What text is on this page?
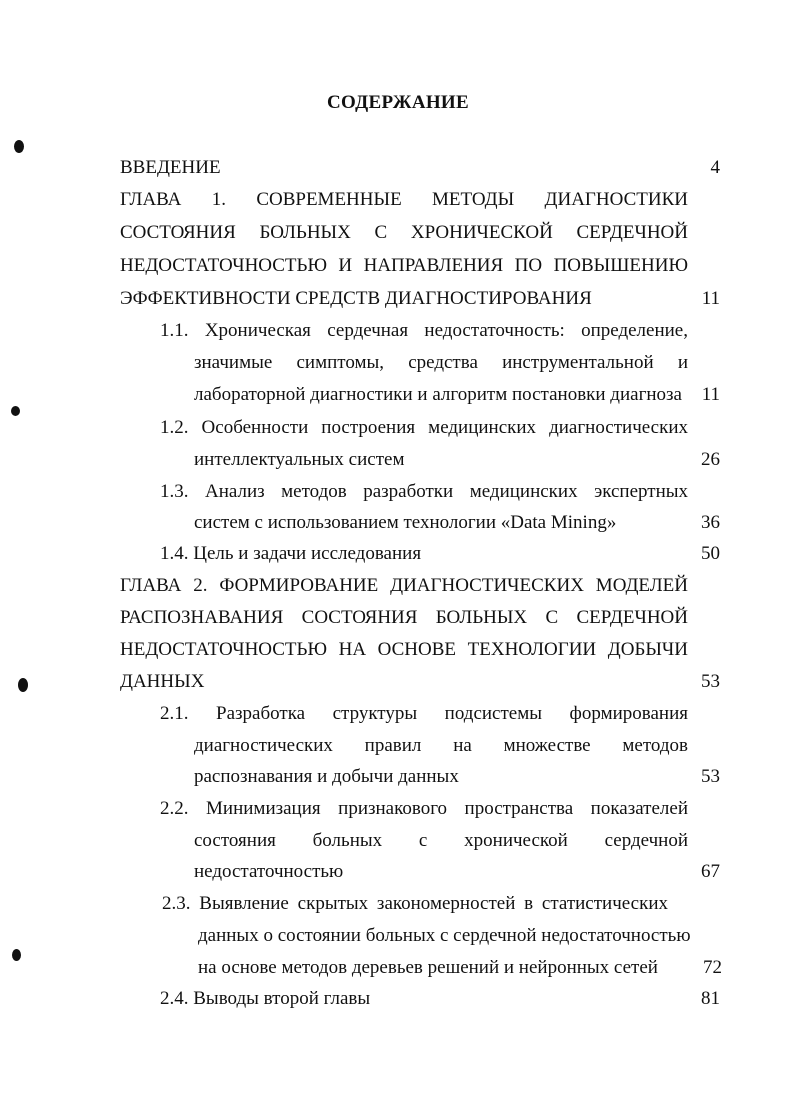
СОДЕРЖАНИЕ
ВВЕДЕНИЕ	4
ГЛАВА 1. СОВРЕМЕННЫЕ МЕТОДЫ ДИАГНОСТИКИ
СОСТОЯНИЯ БОЛЬНЫХ С ХРОНИЧЕСКОЙ СЕРДЕЧНОЙ
НЕДОСТАТОЧНОСТЬЮ И НАПРАВЛЕНИЯ ПО ПОВЫШЕНИЮ
ЭФФЕКТИВНОСТИ СРЕДСТВ ДИАГНОСТИРОВАНИЯ	11
1.1. Хроническая сердечная недостаточность: определение,
значимые симптомы, средства инструментальной и
лабораторной диагностики и алгоритм постановки диагноза	11
1.2. Особенности построения медицинских диагностических
интеллектуальных систем	26
1.3. Анализ методов разработки медицинских экспертных
систем с использованием технологии «Data Mining»	36
1.4. Цель и задачи исследования	50
ГЛАВА 2. ФОРМИРОВАНИЕ ДИАГНОСТИЧЕСКИХ МОДЕЛЕЙ
РАСПОЗНАВАНИЯ СОСТОЯНИЯ БОЛЬНЫХ С СЕРДЕЧНОЙ
НЕДОСТАТОЧНОСТЬЮ НА ОСНОВЕ ТЕХНОЛОГИИ ДОБЫЧИ
ДАННЫХ	53
2.1. Разработка структуры подсистемы формирования
диагностических правил на множестве методов
распознавания и добычи данных	53
2.2. Минимизация признакового пространства показателей
состояния больных с хронической сердечной
недостаточностью	67
2.3. Выявление скрытых закономерностей в статистических
данных о состоянии больных с сердечной недостаточностью
на основе методов деревьев решений и нейронных сетей	72
2.4. Выводы второй главы	81
